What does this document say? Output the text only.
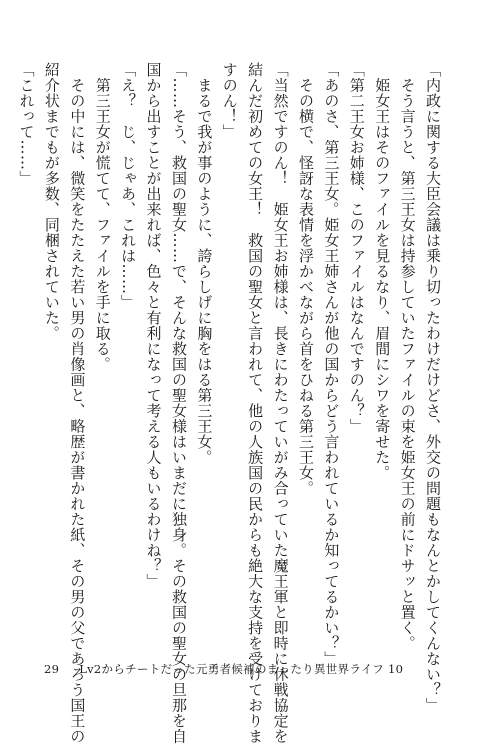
「内政に関する大臣会議は乗り切ったわけだけどさ、外交の問題もなんとかしてくんない？」
　そう言うと、第三王女は持参していたファイルの束を姫女王の前にドサッと置く。
　姫女王はそのファイルを見るなり、眉間にシワを寄せた。
「第二王女お姉様、このファイルはなんですのん？」
「あのさ、第三王女。姫女王姉さんが他の国からどう言われているか知ってるかい？」
　その横で、怪訝な表情を浮かべながら首をひねる第三王女。
「当然ですのん！　姫女王お姉様は、長きにわたっていがみ合っていた魔王軍と即時に休戦協定を
結んだ初めての女王！　救国の聖女と言われて、他の人族国の民からも絶大な支持を受けておりま
すのん！」
　まるで我が事のように、誇らしげに胸をはる第三王女。
「……そう、救国の聖女……で、そんな救国の聖女様はいまだに独身。その救国の聖女の旦那を自
国から出すことが出来れば、色々と有利になって考える人もいるわけね？」
「え？　じ、じゃあ、これは……」
　第三王女が慌てて、ファイルを手に取る。
　その中には、微笑をたたえた若い男の肖像画と、略歴が書かれた紙、その男の父であろう国王の
紹介状までもが多数、同梱されていた。
「これって……」
29 Lv2からチートだった元勇者候補のまったり異世界ライフ 10
